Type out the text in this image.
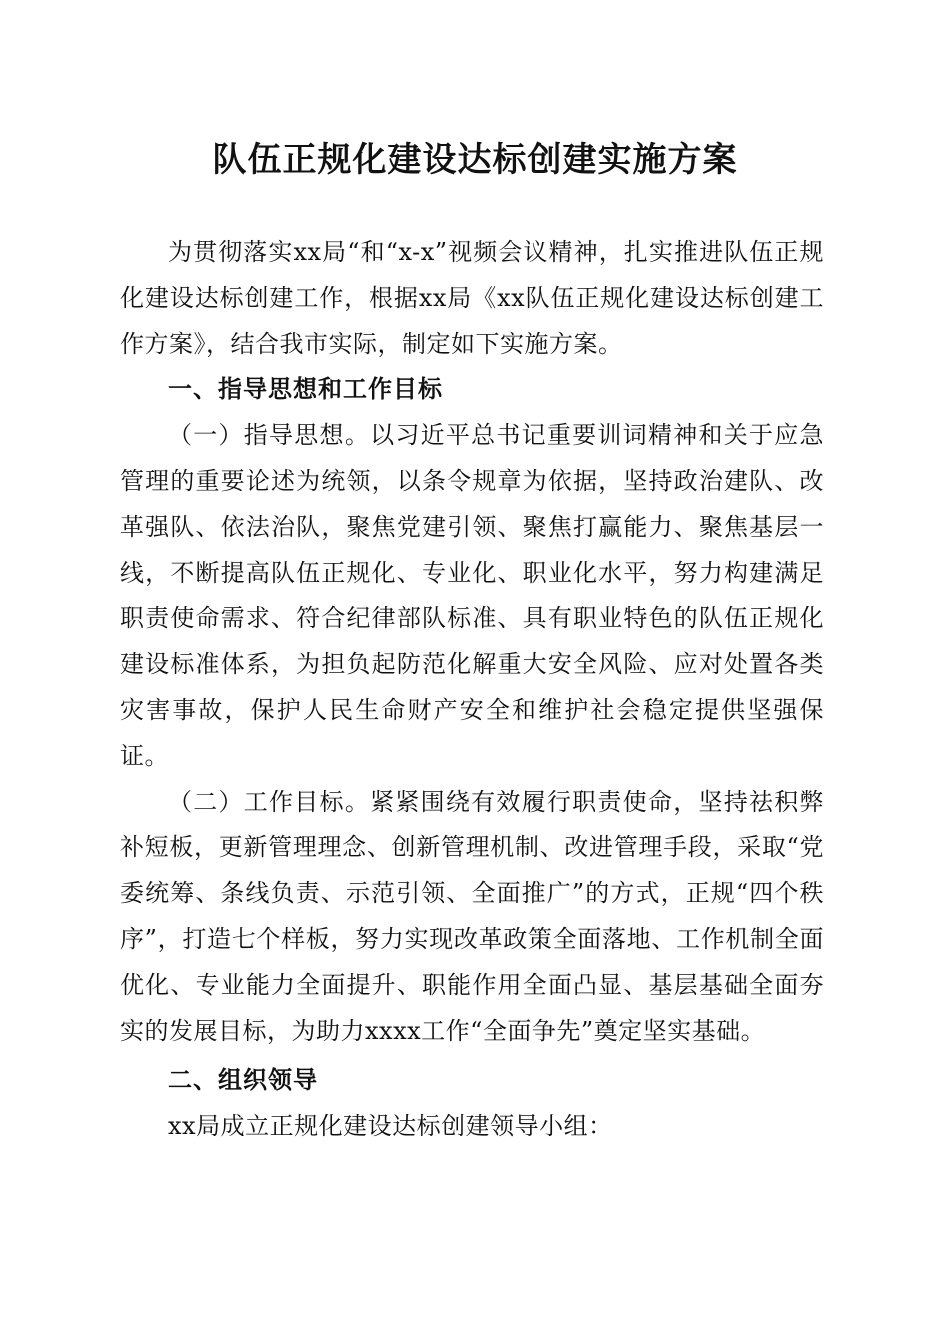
队伍正规化建设达标创建实施方案

为贯彻落实xx局“和“x-x”视频会议精神，扎实推进队伍正规化建设达标创建工作，根据xx局《xx队伍正规化建设达标创建工作方案》，结合我市实际，制定如下实施方案。

一、指导思想和工作目标

（一）指导思想。以习近平总书记重要训词精神和关于应急管理的重要论述为统领，以条令规章为依据，坚持政治建队、改革强队、依法治队，聚焦党建引领、聚焦打赢能力、聚焦基层一线，不断提高队伍正规化、专业化、职业化水平，努力构建满足职责使命需求、符合纪律部队标准、具有职业特色的队伍正规化建设标准体系，为担负起防范化解重大安全风险、应对处置各类灾害事故，保护人民生命财产安全和维护社会稳定提供坚强保证。

（二）工作目标。紧紧围绕有效履行职责使命，坚持祛积弊补短板，更新管理理念、创新管理机制、改进管理手段，采取“党委统筹、条线负责、示范引领、全面推广”的方式，正规“四个秩序”，打造七个样板，努力实现改革政策全面落地、工作机制全面优化、专业能力全面提升、职能作用全面凸显、基层基础全面夯实的发展目标，为助力xxxx工作“全面争先”奠定坚实基础。

二、组织领导

xx局成立正规化建设达标创建领导小组：
